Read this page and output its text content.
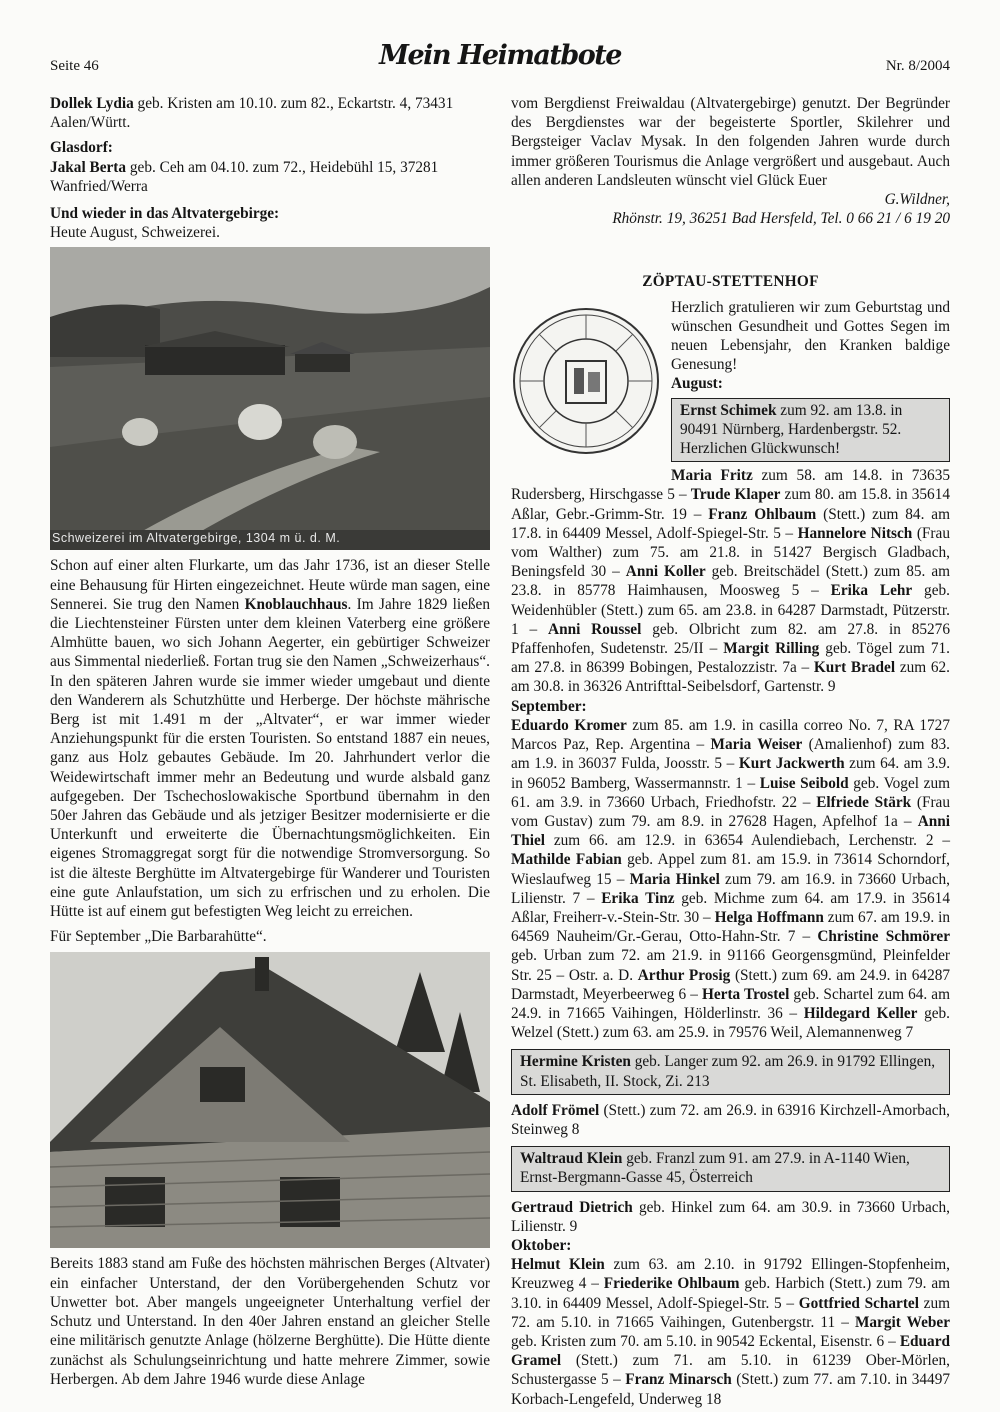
Seite 46	Mein Heimatbote	Nr. 8/2004

Dollek Lydia geb. Kristen am 10.10. zum 82., Eckartstr. 4, 73431 Aalen/Württ.

Glasdorf:

Jakal Berta geb. Ceh am 04.10. zum 72., Heidebühl 15, 37281 Wanfried/Werra

Und wieder in das Altvatergebirge:

Heute August, Schweizerei.

Schweizerei im Altvatergebirge, 1304 m ü. d. M.

Schon auf einer alten Flurkarte, um das Jahr 1736, ist an dieser Stelle eine Behausung für Hirten eingezeichnet. Heute würde man sagen, eine Sennerei. Sie trug den Namen Knoblauchhaus. Im Jahre 1829 ließen die Liechtensteiner Fürsten unter dem kleinen Vaterberg eine größere Almhütte bauen, wo sich Johann Aegerter, ein gebürtiger Schweizer aus Simmental niederließ. Fortan trug sie den Namen „Schweizerhaus“. In den späteren Jahren wurde sie immer wieder umgebaut und diente den Wanderern als Schutzhütte und Herberge. Der höchste mährische Berg ist mit 1.491 m der „Altvater“, er war immer wieder Anziehungspunkt für die ersten Touristen. So entstand 1887 ein neues, ganz aus Holz gebautes Gebäude. Im 20. Jahrhundert verlor die Weidewirtschaft immer mehr an Bedeutung und wurde alsbald ganz aufgegeben. Der Tschechoslowakische Sportbund übernahm in den 50er Jahren das Gebäude und als jetziger Besitzer modernisierte er die Unterkunft und erweiterte die Übernachtungsmöglichkeiten. Ein eigenes Stromaggregat sorgt für die notwendige Stromversorgung. So ist die älteste Berghütte im Altvatergebirge für Wanderer und Touristen eine gute Anlaufstation, um sich zu erfrischen und zu erholen. Die Hütte ist auf einem gut befestigten Weg leicht zu erreichen.

Für September „Die Barbarahütte“.

Bereits 1883 stand am Fuße des höchsten mährischen Berges (Altvater) ein einfacher Unterstand, der den Vorübergehenden Schutz vor Unwetter bot. Aber mangels ungeeigneter Unterhaltung verfiel der Schutz und Unterstand. In den 40er Jahren enstand an gleicher Stelle eine militärisch genutzte Anlage (hölzerne Berghütte). Die Hütte diente zunächst als Schulungseinrichtung und hatte mehrere Zimmer, sowie Herbergen. Ab dem Jahre 1946 wurde diese Anlage

vom Bergdienst Freiwaldau (Altvatergebirge) genutzt. Der Begründer des Bergdienstes war der begeisterte Sportler, Skilehrer und Bergsteiger Vaclav Mysak. In den folgenden Jahren wurde durch immer größeren Tourismus die Anlage vergrößert und ausgebaut. Auch allen anderen Landsleuten wünscht viel Glück Euer

G.Wildner,

Rhönstr. 19, 36251 Bad Hersfeld, Tel. 0 66 21 / 6 19 20

ZÖPTAU-STETTENHOF

Herzlich gratulieren wir zum Geburtstag und wünschen Gesundheit und Gottes Segen im neuen Lebensjahr, den Kranken baldige Genesung!

August:

Ernst Schimek zum 92. am 13.8. in 90491 Nürnberg, Hardenbergstr. 52. Herzlichen Glückwunsch!

Maria Fritz zum 58. am 14.8. in 73635 Rudersberg, Hirschgasse 5 – Trude Klaper zum 80. am 15.8. in 35614 Aßlar, Gebr.-Grimm-Str. 19 – Franz Ohlbaum (Stett.) zum 84. am 17.8. in 64409 Messel, Adolf-Spiegel-Str. 5 – Hannelore Nitsch (Frau vom Walther) zum 75. am 21.8. in 51427 Bergisch Gladbach, Beningsfeld 30 – Anni Koller geb. Breitschädel (Stett.) zum 85. am 23.8. in 85778 Haimhausen, Moosweg 5 – Erika Lehr geb. Weidenhübler (Stett.) zum 65. am 23.8. in 64287 Darmstadt, Pützerstr. 1 – Anni Roussel geb. Olbricht zum 82. am 27.8. in 85276 Pfaffenhofen, Sudetenstr. 25/II – Margit Rilling geb. Tögel zum 71. am 27.8. in 86399 Bobingen, Pestalozzistr. 7a – Kurt Bradel zum 62. am 30.8. in 36326 Antrifttal-Seibelsdorf, Gartenstr. 9

September:

Eduardo Kromer zum 85. am 1.9. in casilla correo No. 7, RA 1727 Marcos Paz, Rep. Argentina – Maria Weiser (Amalienhof) zum 83. am 1.9. in 36037 Fulda, Joosstr. 5 – Kurt Jackwerth zum 64. am 3.9. in 96052 Bamberg, Wassermannstr. 1 – Luise Seibold geb. Vogel zum 61. am 3.9. in 73660 Urbach, Friedhofstr. 22 – Elfriede Stärk (Frau vom Gustav) zum 79. am 8.9. in 27628 Hagen, Apfelhof 1a – Anni Thiel zum 66. am 12.9. in 63654 Aulendiebach, Lerchenstr. 2 – Mathilde Fabian geb. Appel zum 81. am 15.9. in 73614 Schorndorf, Wieslaufweg 15 – Maria Hinkel zum 79. am 16.9. in 73660 Urbach, Lilienstr. 7 – Erika Tinz geb. Michme zum 64. am 17.9. in 35614 Aßlar, Freiherr-v.-Stein-Str. 30 – Helga Hoffmann zum 67. am 19.9. in 64569 Nauheim/Gr.-Gerau, Otto-Hahn-Str. 7 – Christine Schmörer geb. Urban zum 72. am 21.9. in 91166 Georgensgmünd, Pleinfelder Str. 25 – Ostr. a. D. Arthur Prosig (Stett.) zum 69. am 24.9. in 64287 Darmstadt, Meyerbeerweg 6 – Herta Trostel geb. Schartel zum 64. am 24.9. in 71665 Vaihingen, Hölderlinstr. 36 – Hildegard Keller geb. Welzel (Stett.) zum 63. am 25.9. in 79576 Weil, Alemannenweg 7

Hermine Kristen geb. Langer zum 92. am 26.9. in 91792 Ellingen, St. Elisabeth, II. Stock, Zi. 213

Adolf Frömel (Stett.) zum 72. am 26.9. in 63916 Kirchzell-Amorbach, Steinweg 8

Waltraud Klein geb. Franzl zum 91. am 27.9. in A-1140 Wien, Ernst-Bergmann-Gasse 45, Österreich

Gertraud Dietrich geb. Hinkel zum 64. am 30.9. in 73660 Urbach, Lilienstr. 9

Oktober:

Helmut Klein zum 63. am 2.10. in 91792 Ellingen-Stopfenheim, Kreuzweg 4 – Friederike Ohlbaum geb. Harbich (Stett.) zum 79. am 3.10. in 64409 Messel, Adolf-Spiegel-Str. 5 – Gottfried Schartel zum 72. am 5.10. in 71665 Vaihingen, Gutenbergstr. 11 – Margit Weber geb. Kristen zum 70. am 5.10. in 90542 Eckental, Eisenstr. 6 – Eduard Gramel (Stett.) zum 71. am 5.10. in 61239 Ober-Mörlen, Schustergasse 5 – Franz Minarsch (Stett.) zum 77. am 7.10. in 34497 Korbach-Lengefeld, Underweg 18
